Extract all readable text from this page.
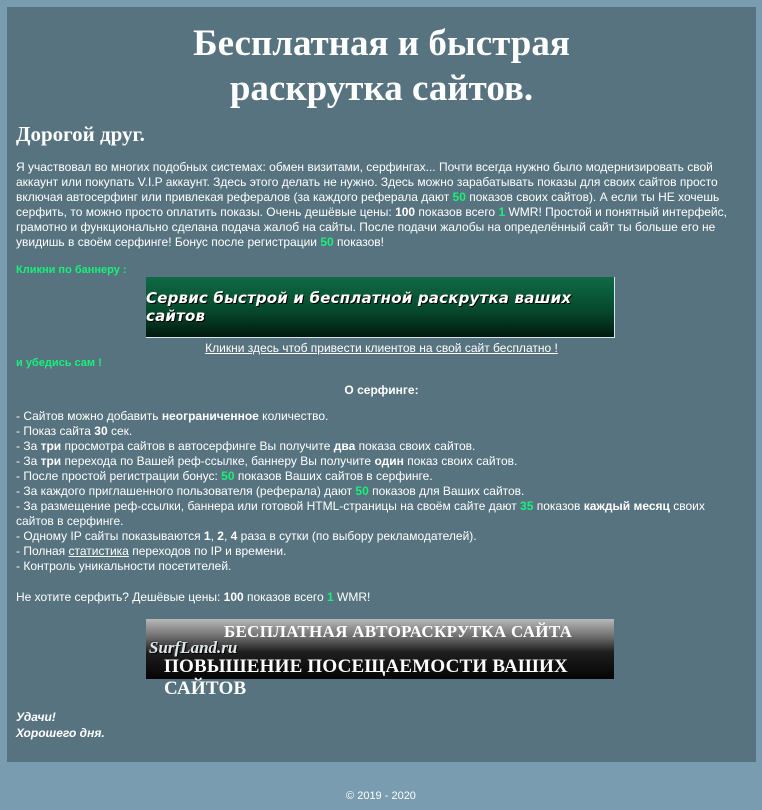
Бесплатная и быстрая
раскрутка сайтов.
Дорогой друг.

Я участвовал во многих подобных системах: обмен визитами, серфингах... Почти всегда нужно было модернизировать свой аккаунт или покупать V.I.P аккаунт. Здесь этого делать не нужно. Здесь можно зарабатывать показы для своих сайтов просто включая автосерфинг или привлекая рефералов (за каждого реферала дают 50 показов своих сайтов). А если ты НЕ хочешь серфить, то можно просто оплатить показы. Очень дешёвые цены: 100 показов всего 1 WMR! Простой и понятный интерфейс, грамотно и функционально сделана подача жалоб на сайты. После подачи жалобы на определённый сайт ты больше его не увидишь в своём серфинге! Бонус после регистрации 50 показов!

Кликни по баннеру :
Сервис быстрой и бесплатной раскрутка ваших сайтов
Кликни здесь чтоб привести клиентов на свой сайт бесплатно !
и убедись сам !
О серфинге:
- Сайтов можно добавить неограниченное количество.
- Показ сайта 30 сек.
- За три просмотра сайтов в автосерфинге Вы получите два показа своих сайтов.
- За три перехода по Вашей реф-ссылке, баннеру Вы получите один показ своих сайтов.
- После простой регистрации бонус: 50 показов Ваших сайтов в серфинге.
- За каждого приглашенного пользователя (реферала) дают 50 показов для Ваших сайтов.
- За размещение реф-ссылки, баннера или готовой HTML-страницы на своём сайте дают 35 показов каждый месяц своих сайтов в серфинге.
- Одному IP сайты показываются 1, 2, 4 раза в сутки (по выбору рекламодателей).
- Полная статистика переходов по IP и времени.
- Контроль уникальности посетителей.
Не хотите серфить? Дешёвые цены: 100 показов всего 1 WMR!
БЕСПЛАТНАЯ АВТОРАСКРУТКА САЙТА
SurfLand.ru
ПОВЫШЕНИЕ ПОСЕЩАЕМОСТИ ВАШИХ САЙТОВ
Удачи!
Хорошего дня.
© 2019 - 2020
